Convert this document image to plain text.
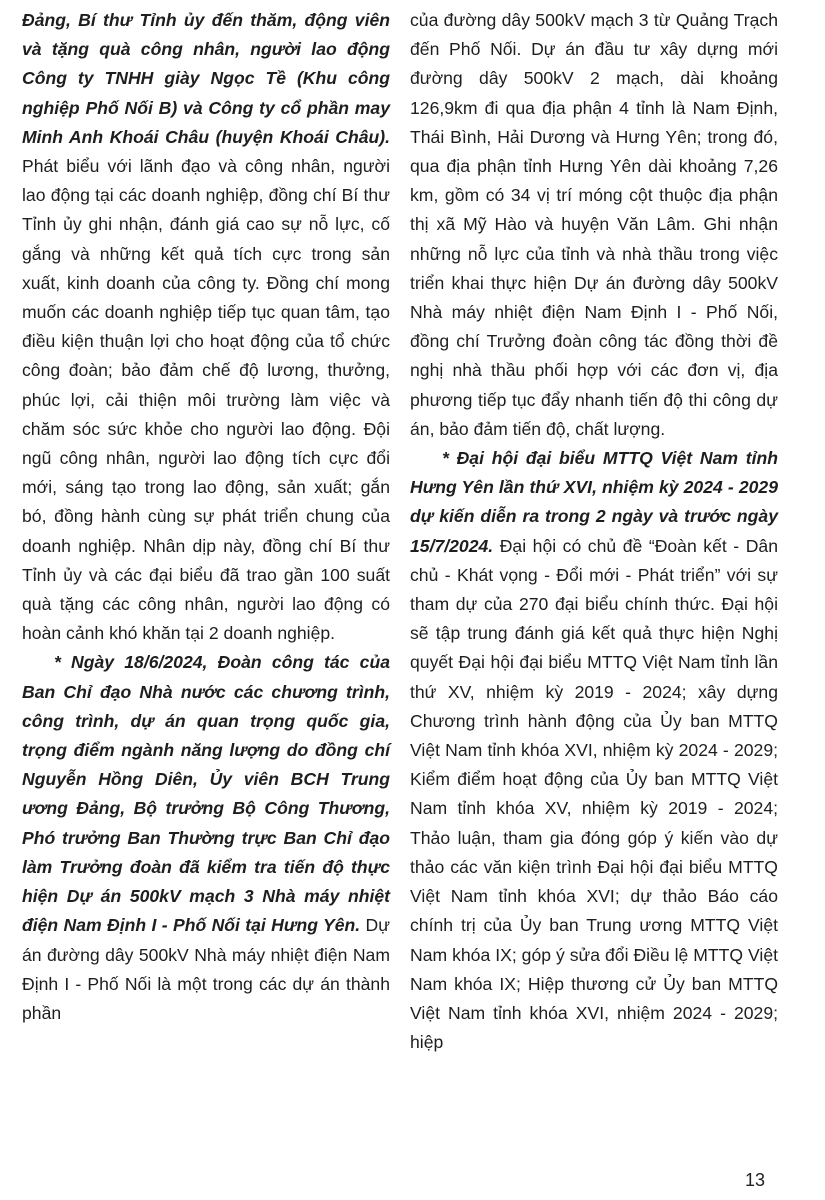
Đảng, Bí thư Tỉnh ủy đến thăm, động viên và tặng quà công nhân, người lao động Công ty TNHH giày Ngọc Tề (Khu công nghiệp Phố Nối B) và Công ty cổ phần may Minh Anh Khoái Châu (huyện Khoái Châu). Phát biểu với lãnh đạo và công nhân, người lao động tại các doanh nghiệp, đồng chí Bí thư Tỉnh ủy ghi nhận, đánh giá cao sự nỗ lực, cố gắng và những kết quả tích cực trong sản xuất, kinh doanh của công ty. Đồng chí mong muốn các doanh nghiệp tiếp tục quan tâm, tạo điều kiện thuận lợi cho hoạt động của tổ chức công đoàn; bảo đảm chế độ lương, thưởng, phúc lợi, cải thiện môi trường làm việc và chăm sóc sức khỏe cho người lao động. Đội ngũ công nhân, người lao động tích cực đổi mới, sáng tạo trong lao động, sản xuất; gắn bó, đồng hành cùng sự phát triển chung của doanh nghiệp. Nhân dịp này, đồng chí Bí thư Tỉnh ủy và các đại biểu đã trao gần 100 suất quà tặng các công nhân, người lao động có hoàn cảnh khó khăn tại 2 doanh nghiệp.

* Ngày 18/6/2024, Đoàn công tác của Ban Chỉ đạo Nhà nước các chương trình, công trình, dự án quan trọng quốc gia, trọng điểm ngành năng lượng do đồng chí Nguyễn Hồng Diên, Ủy viên BCH Trung ương Đảng, Bộ trưởng Bộ Công Thương, Phó trưởng Ban Thường trực Ban Chỉ đạo làm Trưởng đoàn đã kiểm tra tiến độ thực hiện Dự án 500kV mạch 3 Nhà máy nhiệt điện Nam Định I - Phố Nối tại Hưng Yên. Dự án đường dây 500kV Nhà máy nhiệt điện Nam Định I - Phố Nối là một trong các dự án thành phần

của đường dây 500kV mạch 3 từ Quảng Trạch đến Phố Nối. Dự án đầu tư xây dựng mới đường dây 500kV 2 mạch, dài khoảng 126,9km đi qua địa phận 4 tỉnh là Nam Định, Thái Bình, Hải Dương và Hưng Yên; trong đó, qua địa phận tỉnh Hưng Yên dài khoảng 7,26 km, gồm có 34 vị trí móng cột thuộc địa phận thị xã Mỹ Hào và huyện Văn Lâm. Ghi nhận những nỗ lực của tỉnh và nhà thầu trong việc triển khai thực hiện Dự án đường dây 500kV Nhà máy nhiệt điện Nam Định I - Phố Nối, đồng chí Trưởng đoàn công tác đồng thời đề nghị nhà thầu phối hợp với các đơn vị, địa phương tiếp tục đẩy nhanh tiến độ thi công dự án, bảo đảm tiến độ, chất lượng.

* Đại hội đại biểu MTTQ Việt Nam tỉnh Hưng Yên lần thứ XVI, nhiệm kỳ 2024 - 2029 dự kiến diễn ra trong 2 ngày và trước ngày 15/7/2024. Đại hội có chủ đề “Đoàn kết - Dân chủ - Khát vọng - Đổi mới - Phát triển” với sự tham dự của 270 đại biểu chính thức. Đại hội sẽ tập trung đánh giá kết quả thực hiện Nghị quyết Đại hội đại biểu MTTQ Việt Nam tỉnh lần thứ XV, nhiệm kỳ 2019 - 2024; xây dựng Chương trình hành động của Ủy ban MTTQ Việt Nam tỉnh khóa XVI, nhiệm kỳ 2024 - 2029; Kiểm điểm hoạt động của Ủy ban MTTQ Việt Nam tỉnh khóa XV, nhiệm kỳ 2019 - 2024; Thảo luận, tham gia đóng góp ý kiến vào dự thảo các văn kiện trình Đại hội đại biểu MTTQ Việt Nam tỉnh khóa XVI; dự thảo Báo cáo chính trị của Ủy ban Trung ương MTTQ Việt Nam khóa IX; góp ý sửa đổi Điều lệ MTTQ Việt Nam khóa IX; Hiệp thương cử Ủy ban MTTQ Việt Nam tỉnh khóa XVI, nhiệm 2024 - 2029; hiệp

13
